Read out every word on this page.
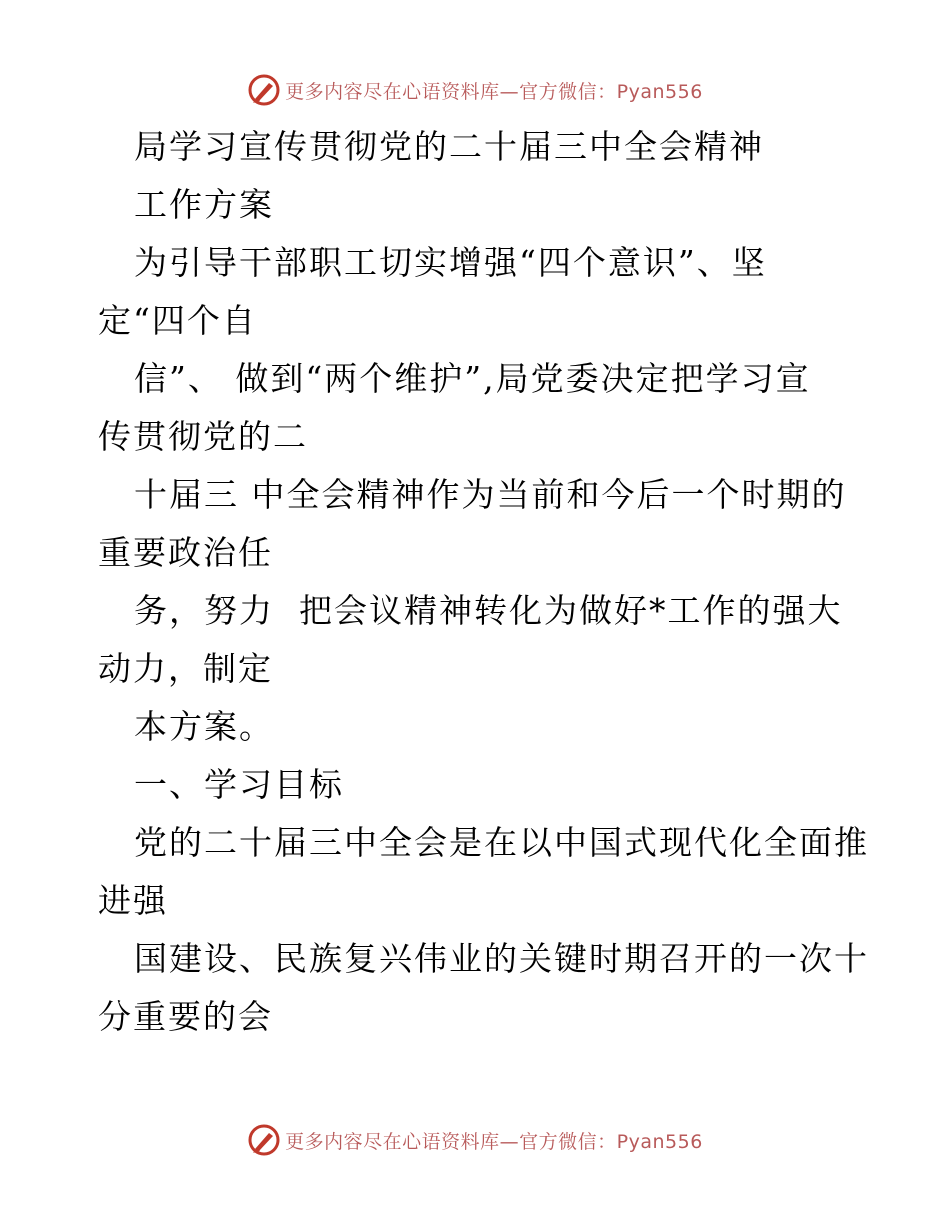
更多内容尽在心语资料库—官方微信：Pyan556
局学习宣传贯彻党的二十届三中全会精神
工作方案
为引导干部职工切实增强“四个意识”、坚
定“四个自
信”、 做到“两个维护”,局党委决定把学习宣
传贯彻党的二
十届三 中全会精神作为当前和今后一个时期的
重要政治任
务，努力  把会议精神转化为做好*工作的强大
动力，制定
本方案。
一、学习目标
党的二十届三中全会是在以中国式现代化全面推
进强
国建设、民族复兴伟业的关键时期召开的一次十
分重要的会
更多内容尽在心语资料库—官方微信：Pyan556
